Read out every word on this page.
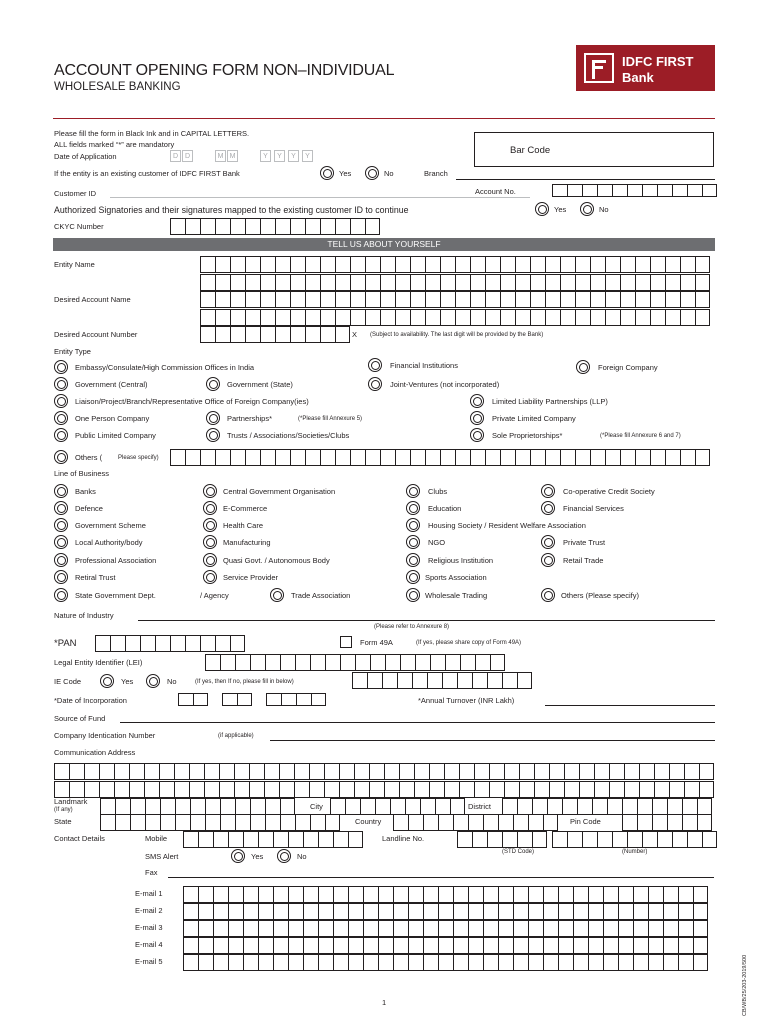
ACCOUNT OPENING FORM NON–INDIVIDUAL
WHOLESALE BANKING
IDFC FIRST
Bank
Please fill the form in Black Ink and in CAPITAL LETTERS.
ALL fields marked “*” are mandatory
Date of Application	D D	M M	Y	Y	Y	Y
Bar Code
If the entity is an existing customer of IDFC FIRST Bank	Yes	No	Branch
Customer ID	Account No.
Authorized Signatories and their signatures mapped to the existing customer ID to continue	Yes	No
CKYC Number
TELL US ABOUT YOURSELF
Entity Name
Desired Account Name
Desired Account Number	X (Subject to availability. The last digit will be provided by the Bank)
Entity Type
Embassy/Consulate/High Commission Offices in India	Financial Institutions	Foreign Company
Government (Central)	Government (State)	Joint-Ventures (not incorporated)
Liaison/Project/Branch/Representative Office of Foreign Company(ies)	Limited Liability Partnerships (LLP)
One Person Company	Partnerships*	(*Please fill Annexure 5)	Private Limited Company
Public Limited Company	Trusts / Associations/Societies/Clubs	Sole Proprietorships*	(*Please fill Annexure 6 and 7)
Others (	Please specify)
Line of Business
Banks	Central Government Organisation	Clubs	Co-operative Credit Society
Defence	E-Commerce	Education	Financial Services
Government Scheme	Health Care	Housing Society / Resident Welfare Association
Local Authority/body	Manufacturing	NGO	Private Trust
Professional Association	Quasi Govt. / Autonomous Body	Religious Institution	Retail Trade
Retiral Trust	Service Provider	Sports Association
State Government Dept.	/ Agency	Trade Association	Wholesale Trading	Others (Please specify)
Nature of Industry
(Please refer to Annexure 8)
*PAN	Form 49A	(If yes, please share copy of Form 49A)
Legal Entity Identifier (LEI)
IE Code	Yes	No	(If yes, then If no, please fill in below)
*Date of Incorporation	*Annual Turnover (INR Lakh)
Source of Fund
Company Identication Number	(if applicable)
Communication Address
Landmark
(If any)	City	District
State	Country	Pin Code
Contact Details	Mobile	Landline No.
(STD Code)	(Number)
SMS Alert	Yes	No
Fax
E-mail 1
E-mail 2
E-mail 3
E-mail 4
E-mail 5
1	CB/WB/25/203-2019/500
